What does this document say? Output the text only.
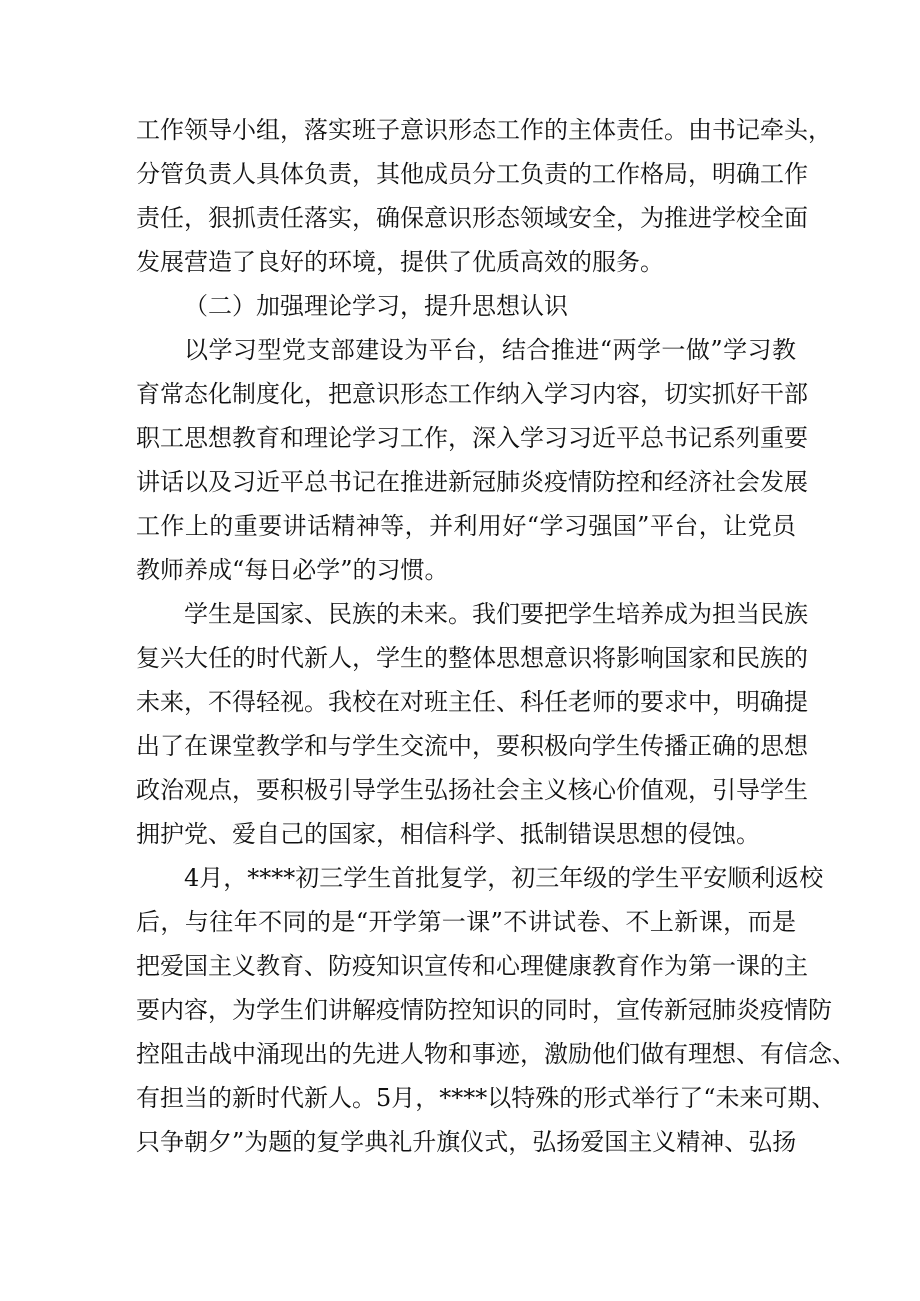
工作领导小组，落实班子意识形态工作的主体责任。由书记牵头，
分管负责人具体负责，其他成员分工负责的工作格局，明确工作
责任，狠抓责任落实，确保意识形态领域安全，为推进学校全面
发展营造了良好的环境，提供了优质高效的服务。
（二）加强理论学习，提升思想认识
以学习型党支部建设为平台，结合推进“两学一做”学习教
育常态化制度化，把意识形态工作纳入学习内容，切实抓好干部
职工思想教育和理论学习工作，深入学习习近平总书记系列重要
讲话以及习近平总书记在推进新冠肺炎疫情防控和经济社会发展
工作上的重要讲话精神等，并利用好“学习强国”平台，让党员
教师养成“每日必学”的习惯。
学生是国家、民族的未来。我们要把学生培养成为担当民族
复兴大任的时代新人，学生的整体思想意识将影响国家和民族的
未来，不得轻视。我校在对班主任、科任老师的要求中，明确提
出了在课堂教学和与学生交流中，要积极向学生传播正确的思想
政治观点，要积极引导学生弘扬社会主义核心价值观，引导学生
拥护党、爱自己的国家，相信科学、抵制错误思想的侵蚀。
4月，****初三学生首批复学，初三年级的学生平安顺利返校
后，与往年不同的是“开学第一课”不讲试卷、不上新课，而是
把爱国主义教育、防疫知识宣传和心理健康教育作为第一课的主
要内容，为学生们讲解疫情防控知识的同时，宣传新冠肺炎疫情防
控阻击战中涌现出的先进人物和事迹，激励他们做有理想、有信念、
有担当的新时代新人。5月，****以特殊的形式举行了“未来可期、
只争朝夕”为题的复学典礼升旗仪式，弘扬爱国主义精神、弘扬
